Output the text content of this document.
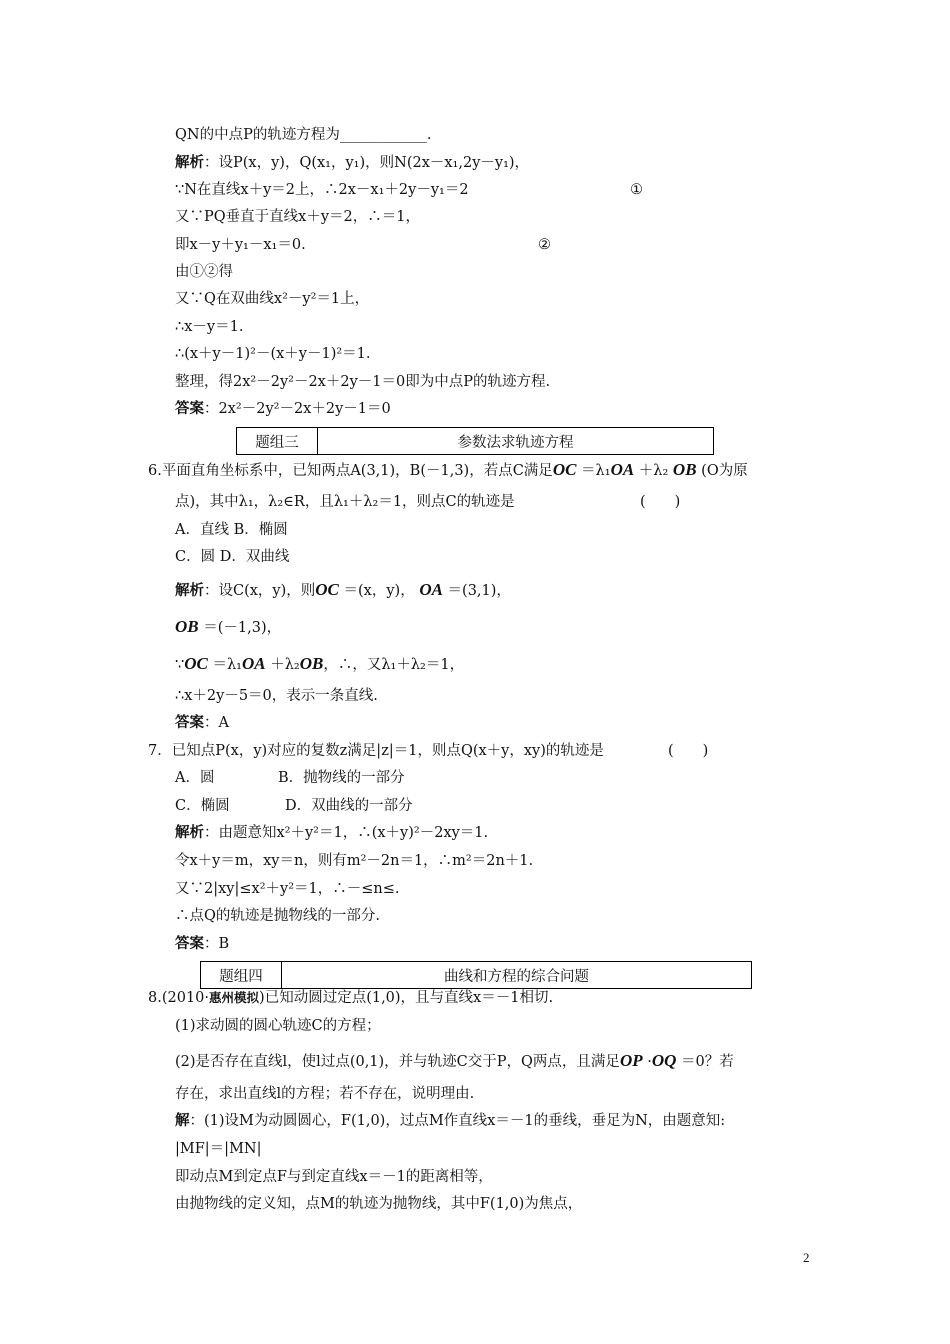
QN的中点P的轨迹方程为____________.
解析：设P(x，y)，Q(x₁，y₁)，则N(2x－x₁,2y－y₁)，
∵N在直线x＋y＝2上，∴2x－x₁＋2y－y₁＝2	①
又∵PQ垂直于直线x＋y＝2，∴＝1，
即x－y＋y₁－x₁＝0.	②
由①②得
又∵Q在双曲线x²－y²＝1上，
∴x－y＝1.
∴(x＋y－1)²－(x＋y－1)²＝1.
整理，得2x²－2y²－2x＋2y－1＝0即为中点P的轨迹方程.
答案：2x²－2y²－2x＋2y－1＝0
题组三	参数法求轨迹方程
6.平面直角坐标系中，已知两点A(3,1)，B(－1,3)，若点C满足OC ＝λ₁OA ＋λ₂ OB (O为原
点)，其中λ₁，λ₂∈R，且λ₁＋λ₂＝1，则点C的轨迹是	(　　)
A．直线 B．椭圆
C．圆 D．双曲线
解析：设C(x，y)，则OC ＝(x，y)， OA ＝(3,1)，
OB ＝(－1,3)，
∵OC ＝λ₁OA ＋λ₂OB，∴，又λ₁＋λ₂＝1，
∴x＋2y－5＝0，表示一条直线.
答案：A
7．已知点P(x，y)对应的复数z满足|z|＝1，则点Q(x＋y，xy)的轨迹是	(　　)
A．圆	B．抛物线的一部分
C．椭圆	D．双曲线的一部分
解析：由题意知x²＋y²＝1，∴(x＋y)²－2xy＝1.
令x＋y＝m，xy＝n，则有m²－2n＝1，∴m²＝2n＋1.
又∵2|xy|≤x²＋y²＝1，∴－≤n≤.
∴点Q的轨迹是抛物线的一部分.
答案：B
题组四	曲线和方程的综合问题
8.(2010·惠州模拟)已知动圆过定点(1,0)，且与直线x＝－1相切.
(1)求动圆的圆心轨迹C的方程；
(2)是否存在直线l，使l过点(0,1)，并与轨迹C交于P，Q两点，且满足OP ·OQ ＝0？若
存在，求出直线l的方程；若不存在，说明理由.
解：(1)设M为动圆圆心，F(1,0)，过点M作直线x＝－1的垂线，垂足为N，由题意知:
|MF|＝|MN|
即动点M到定点F与到定直线x＝－1的距离相等，
由抛物线的定义知，点M的轨迹为抛物线，其中F(1,0)为焦点，
2
